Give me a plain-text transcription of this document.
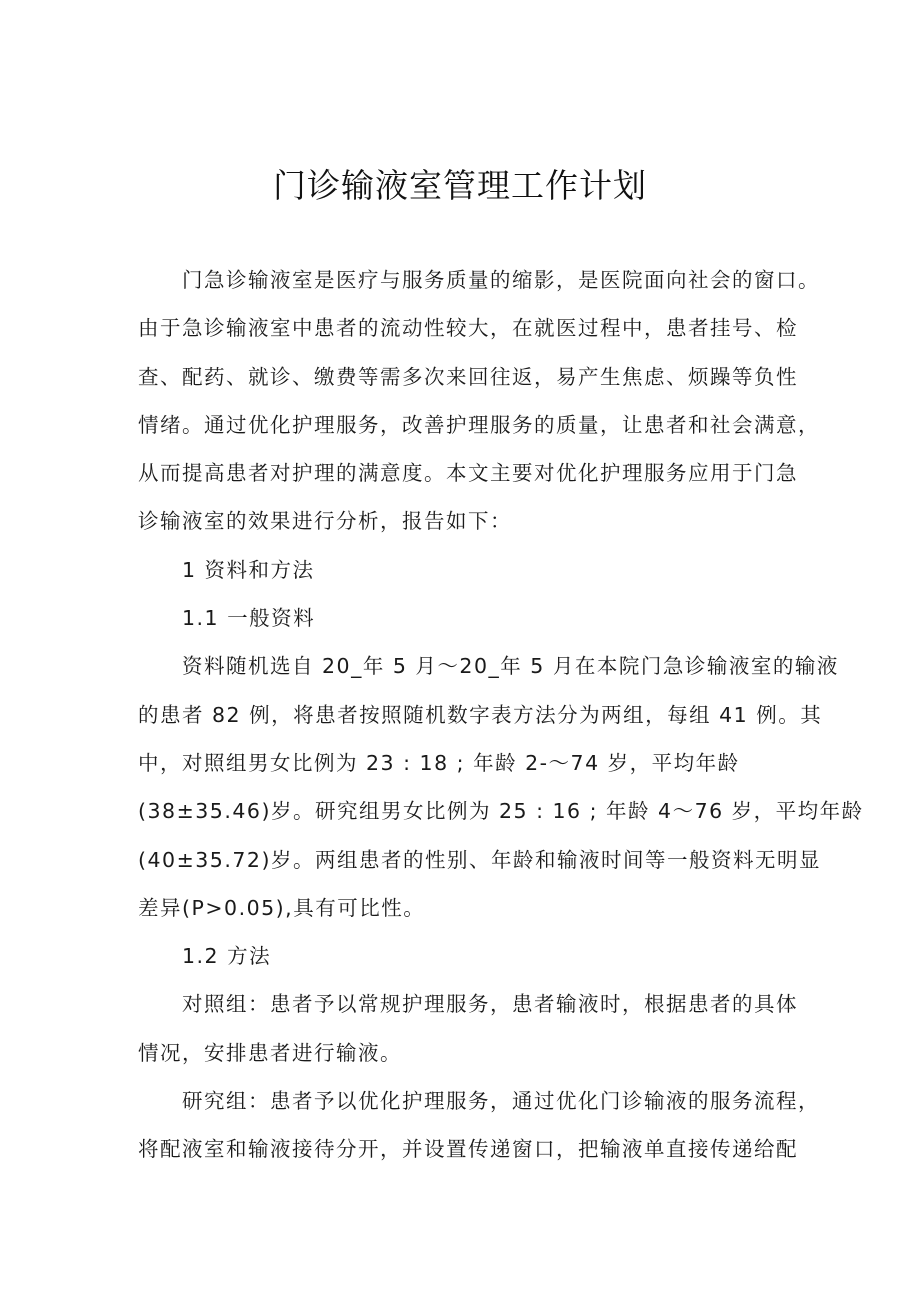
门诊输液室管理工作计划

门急诊输液室是医疗与服务质量的缩影，是医院面向社会的窗口。
由于急诊输液室中患者的流动性较大，在就医过程中，患者挂号、检
查、配药、就诊、缴费等需多次来回往返，易产生焦虑、烦躁等负性
情绪。通过优化护理服务，改善护理服务的质量，让患者和社会满意，
从而提高患者对护理的满意度。本文主要对优化护理服务应用于门急
诊输液室的效果进行分析，报告如下：

1 资料和方法

1.1 一般资料

资料随机选自 20_年 5 月〜20_年 5 月在本院门急诊输液室的输液
的患者 82 例，将患者按照随机数字表方法分为两组，每组 41 例。其
中，对照组男女比例为 23 : 18 ; 年龄 2-〜74 岁，平均年龄
(38±35.46)岁。研究组男女比例为 25 : 16 ; 年龄 4〜76 岁，平均年龄
(40±35.72)岁。两组患者的性别、年龄和输液时间等一般资料无明显
差异(P>0.05),具有可比性。

1.2 方法

对照组：患者予以常规护理服务，患者输液时，根据患者的具体
情况，安排患者进行输液。

研究组：患者予以优化护理服务，通过优化门诊输液的服务流程，
将配液室和输液接待分开，并设置传递窗口，把输液单直接传递给配
